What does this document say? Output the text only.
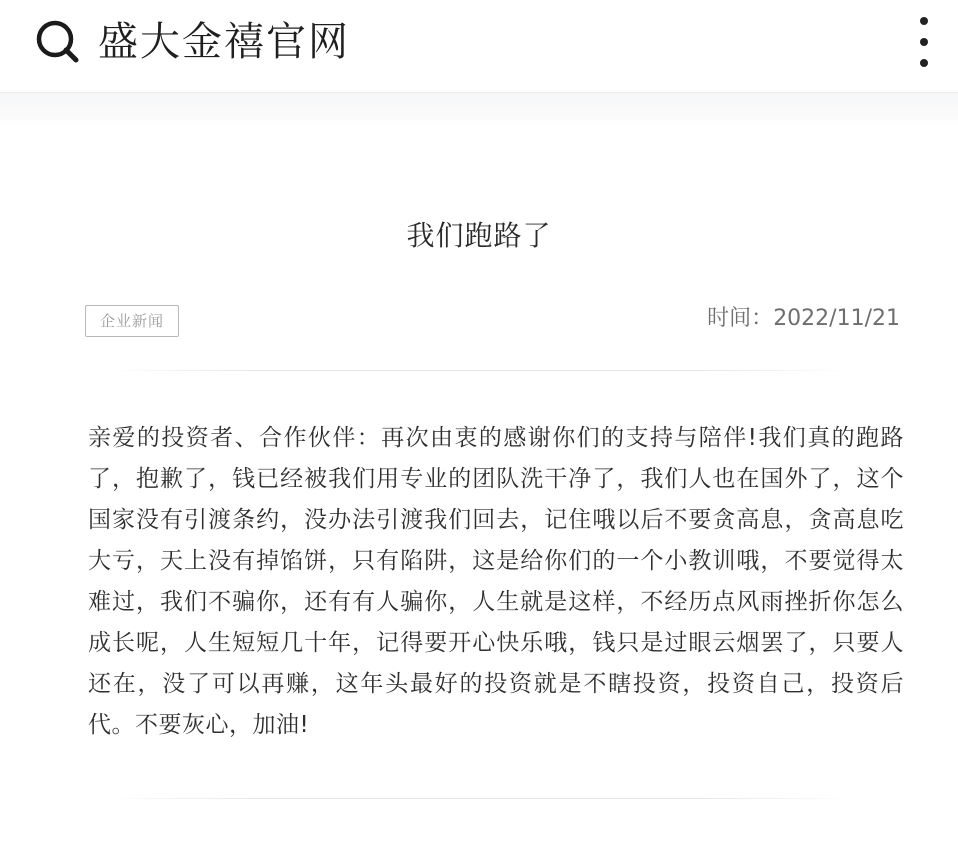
盛大金禧官网
我们跑路了
企业新闻	时间：2022/11/21
亲爱的投资者、合作伙伴：再次由衷的感谢你们的支持与陪伴!我们真的跑路了，抱歉了，钱已经被我们用专业的团队洗干净了，我们人也在国外了，这个国家没有引渡条约，没办法引渡我们回去，记住哦以后不要贪高息，贪高息吃大亏，天上没有掉馅饼，只有陷阱，这是给你们的一个小教训哦，不要觉得太难过，我们不骗你，还有有人骗你，人生就是这样，不经历点风雨挫折你怎么成长呢，人生短短几十年，记得要开心快乐哦，钱只是过眼云烟罢了，只要人还在，没了可以再赚，这年头最好的投资就是不瞎投资，投资自己，投资后代。不要灰心，加油!
